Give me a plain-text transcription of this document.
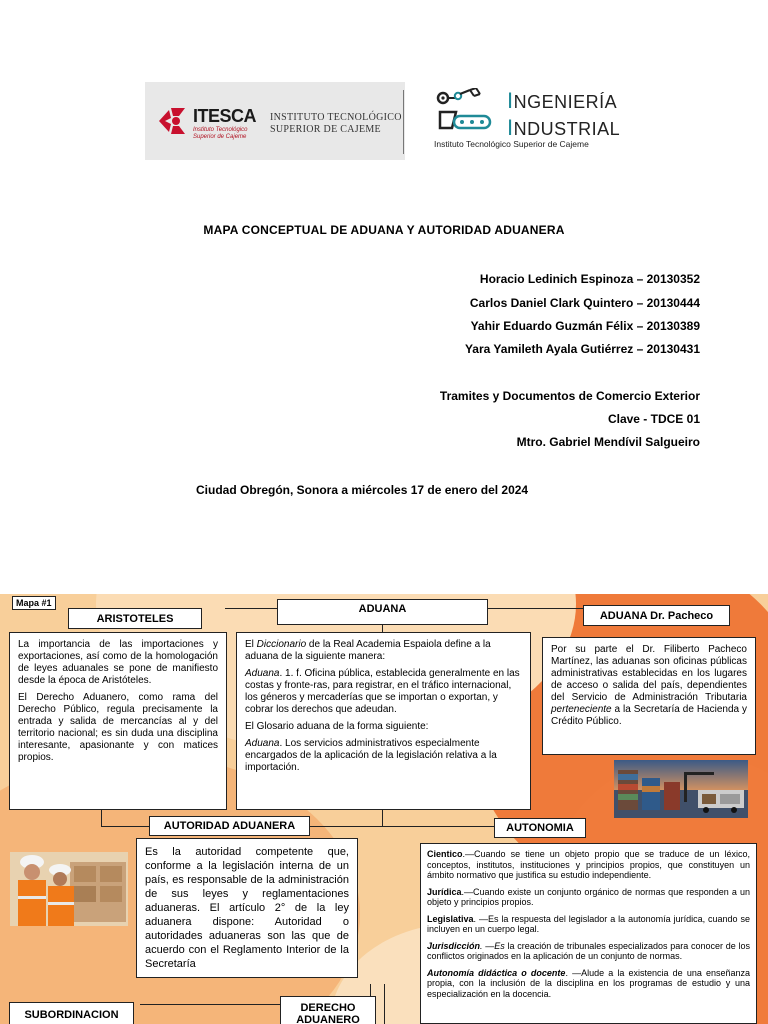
ITESCA
Instituto Tecnológico
Superior de Cajeme
INSTITUTO TECNOLÓGICO
SUPERIOR DE CAJEME
INGENIERÍA
INDUSTRIAL
Instituto Tecnológico Superior de Cajeme
MAPA CONCEPTUAL DE ADUANA Y AUTORIDAD ADUANERA
Horacio Ledinich Espinoza – 20130352
Carlos Daniel Clark Quintero – 20130444
Yahir Eduardo Guzmán Félix – 20130389
Yara Yamileth Ayala Gutiérrez – 20130431
Tramites y Documentos de Comercio Exterior
Clave - TDCE 01
Mtro. Gabriel Mendívil Salgueiro
Ciudad Obregón, Sonora a miércoles 17 de enero del 2024
Mapa #1
ARISTOTELES
ADUANA
ADUANA Dr. Pacheco

La importancia de las importaciones y exportaciones, así como de la homologación de leyes aduanales se pone de manifiesto desde la época de Aristóteles.

El Derecho Aduanero, como rama del Derecho Público, regula precisamente la entrada y salida de mercancías al y del territorio nacional; es sin duda una disciplina interesante, apasionante y con matices propios.

El Diccionario de la Real Academia Espaiola define a la aduana de la siguiente manera:

Aduana. 1. f. Oficina pública, establecida generalmente en las costas y fronte-ras, para registrar, en el tráfico internacional, los géneros y mercaderías que se importan o exportan, y cobrar los derechos que adeudan.

El Glosario aduana de la forma siguiente:

Aduana. Los servicios administrativos especialmente encargados de la aplicación de la legislación relativa a la importación.

Por su parte el Dr. Filiberto Pacheco Martínez, las aduanas son oficinas públicas administrativas establecidas en los lugares de acceso o salida del país, dependientes del Servicio de Administración Tributaria perteneciente a la Secretaría de Hacienda y Crédito Público.

AUTORIDAD ADUANERA	AUTONOMIA

Es la autoridad competente que, conforme a la legislación interna de un país, es responsable de la administración de sus leyes y reglamentaciones aduaneras. El artículo 2° de la ley aduanera dispone: Autoridad o autoridades aduaneras son las que de acuerdo con el Reglamento Interior de la Secretaría

Cientico.—Cuando se tiene un objeto propio que se traduce de un léxico, conceptos, institutos, instituciones y principios propios, que constituyen un ámbito normativo que justifica su estudio independiente.

Jurídica.—Cuando existe un conjunto orgánico de normas que responden a un objeto y principios propios.

Legislativa. —Es la respuesta del legislador a la autonomía jurídica, cuando se incluyen en un cuerpo legal.

Jurisdicción. —Es la creación de tribunales especializados para conocer de los conflictos originados en la aplicación de un conjunto de normas.

Autonomía didáctica o docente. —Alude a la existencia de una enseñanza propia, con la inclusión de la disciplina en los programas de estudio y una especialización en la docencia.

SUBORDINACION
DERECHO ADUANERO
